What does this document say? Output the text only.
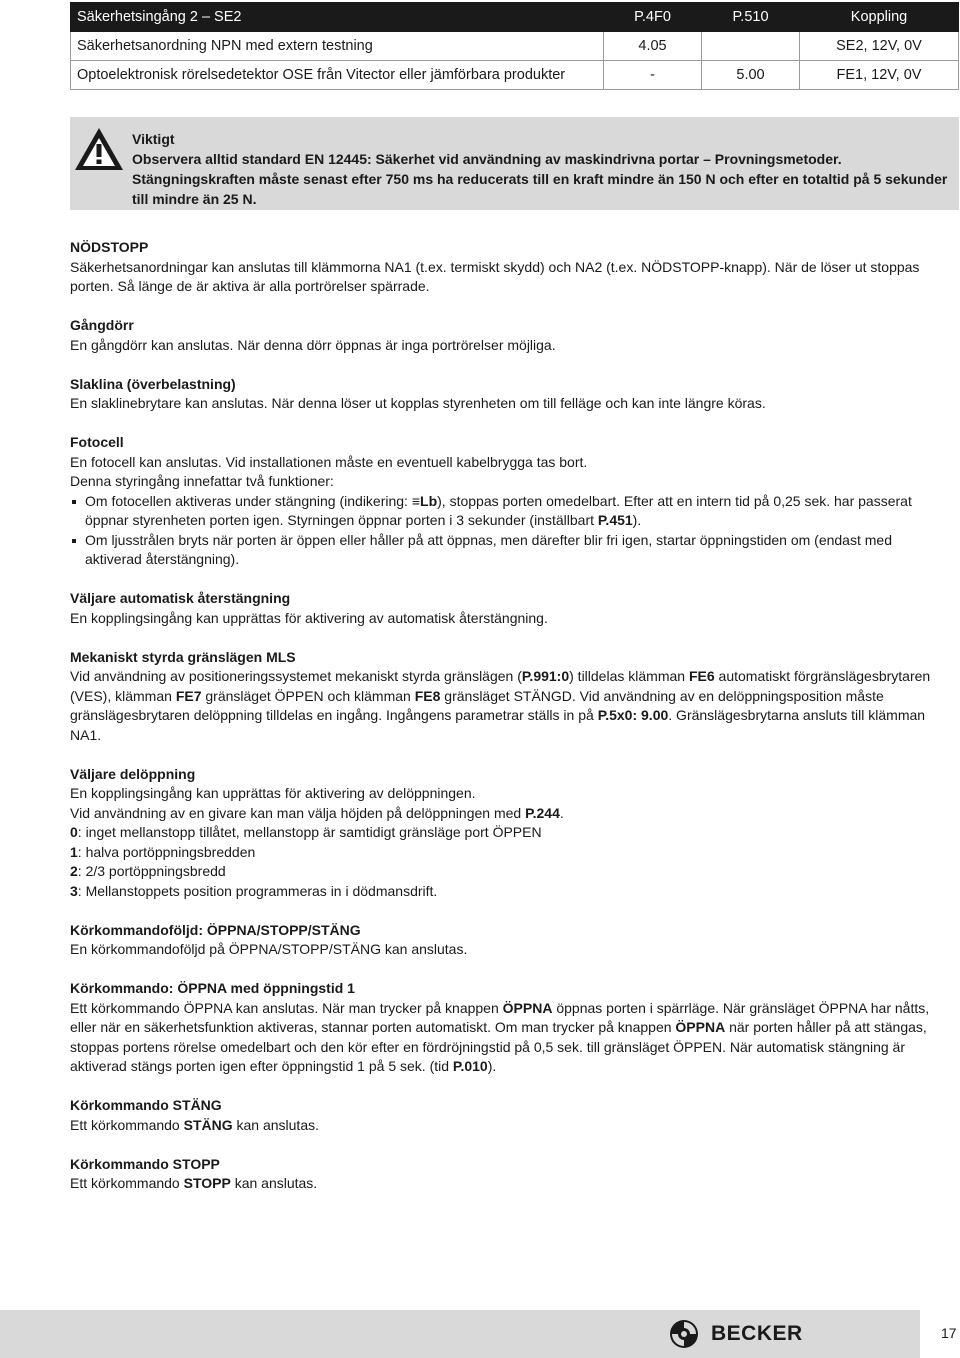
Säkerhetsingång 2 – SE2	P.4F0	P.510	Koppling
Säkerhetsanordning NPN med extern testning	4.05		SE2, 12V, 0V
Optoelektronisk rörelsedetektor OSE från Vitector eller jämförbara produkter	-	5.00	FE1, 12V, 0V
Viktigt
Observera alltid standard EN 12445: Säkerhet vid användning av maskindrivna portar – Provningsmetoder.
Stängningskraften måste senast efter 750 ms ha reducerats till en kraft mindre än 150 N och efter en totaltid på 5 sekunder till mindre än 25 N.
NÖDSTOPP

Säkerhetsanordningar kan anslutas till klämmorna NA1 (t.ex. termiskt skydd) och NA2 (t.ex. NÖDSTOPP-knapp). När de löser ut stoppas porten. Så länge de är aktiva är alla portrörelser spärrade.

Gångdörr

En gångdörr kan anslutas. När denna dörr öppnas är inga portrörelser möjliga.

Slaklina (överbelastning)

En slaklinebrytare kan anslutas. När denna löser ut kopplas styrenheten om till felläge och kan inte längre köras.

Fotocell

En fotocell kan anslutas. Vid installationen måste en eventuell kabelbrygga tas bort.

Denna styringång innefattar två funktioner:

Om fotocellen aktiveras under stängning (indikering: ≡Lb), stoppas porten omedelbart. Efter att en intern tid på 0,25 sek. har passerat öppnar styrenheten porten igen. Styrningen öppnar porten i 3 sekunder (inställbart P.451).
Om ljusstrålen bryts när porten är öppen eller håller på att öppnas, men därefter blir fri igen, startar öppningstiden om (endast med aktiverad återstängning).
Väljare automatisk återstängning

En kopplingsingång kan upprättas för aktivering av automatisk återstängning.

Mekaniskt styrda gränslägen MLS

Vid användning av positioneringssystemet mekaniskt styrda gränslägen (P.991:0) tilldelas klämman FE6 automatiskt förgränslägesbrytaren (VES), klämman FE7 gränsläget ÖPPEN och klämman FE8 gränsläget STÄNGD. Vid användning av en delöppningsposition måste gränslägesbrytaren delöppning tilldelas en ingång. Ingångens parametrar ställs in på P.5x0: 9.00. Gränslägesbrytarna ansluts till klämman NA1.

Väljare delöppning

En kopplingsingång kan upprättas för aktivering av delöppningen.

Vid användning av en givare kan man välja höjden på delöppningen med P.244.

0: inget mellanstopp tillåtet, mellanstopp är samtidigt gränsläge port ÖPPEN

1: halva portöppningsbredden

2: 2/3 portöppningsbredd

3: Mellanstoppets position programmeras in i dödmansdrift.

Körkommandoföljd: ÖPPNA/STOPP/STÄNG

En körkommandoföljd på ÖPPNA/STOPP/STÄNG kan anslutas.

Körkommando: ÖPPNA med öppningstid 1

Ett körkommando ÖPPNA kan anslutas. När man trycker på knappen ÖPPNA öppnas porten i spärrläge. När gränsläget ÖPPNA har nåtts, eller när en säkerhetsfunktion aktiveras, stannar porten automatiskt. Om man trycker på knappen ÖPPNA när porten håller på att stängas, stoppas portens rörelse omedelbart och den kör efter en fördröjningstid på 0,5 sek. till gränsläget ÖPPEN. När automatisk stängning är aktiverad stängs porten igen efter öppningstid 1 på 5 sek. (tid P.010).

Körkommando STÄNG

Ett körkommando STÄNG kan anslutas.

Körkommando STOPP

Ett körkommando STOPP kan anslutas.

BECKER	17
